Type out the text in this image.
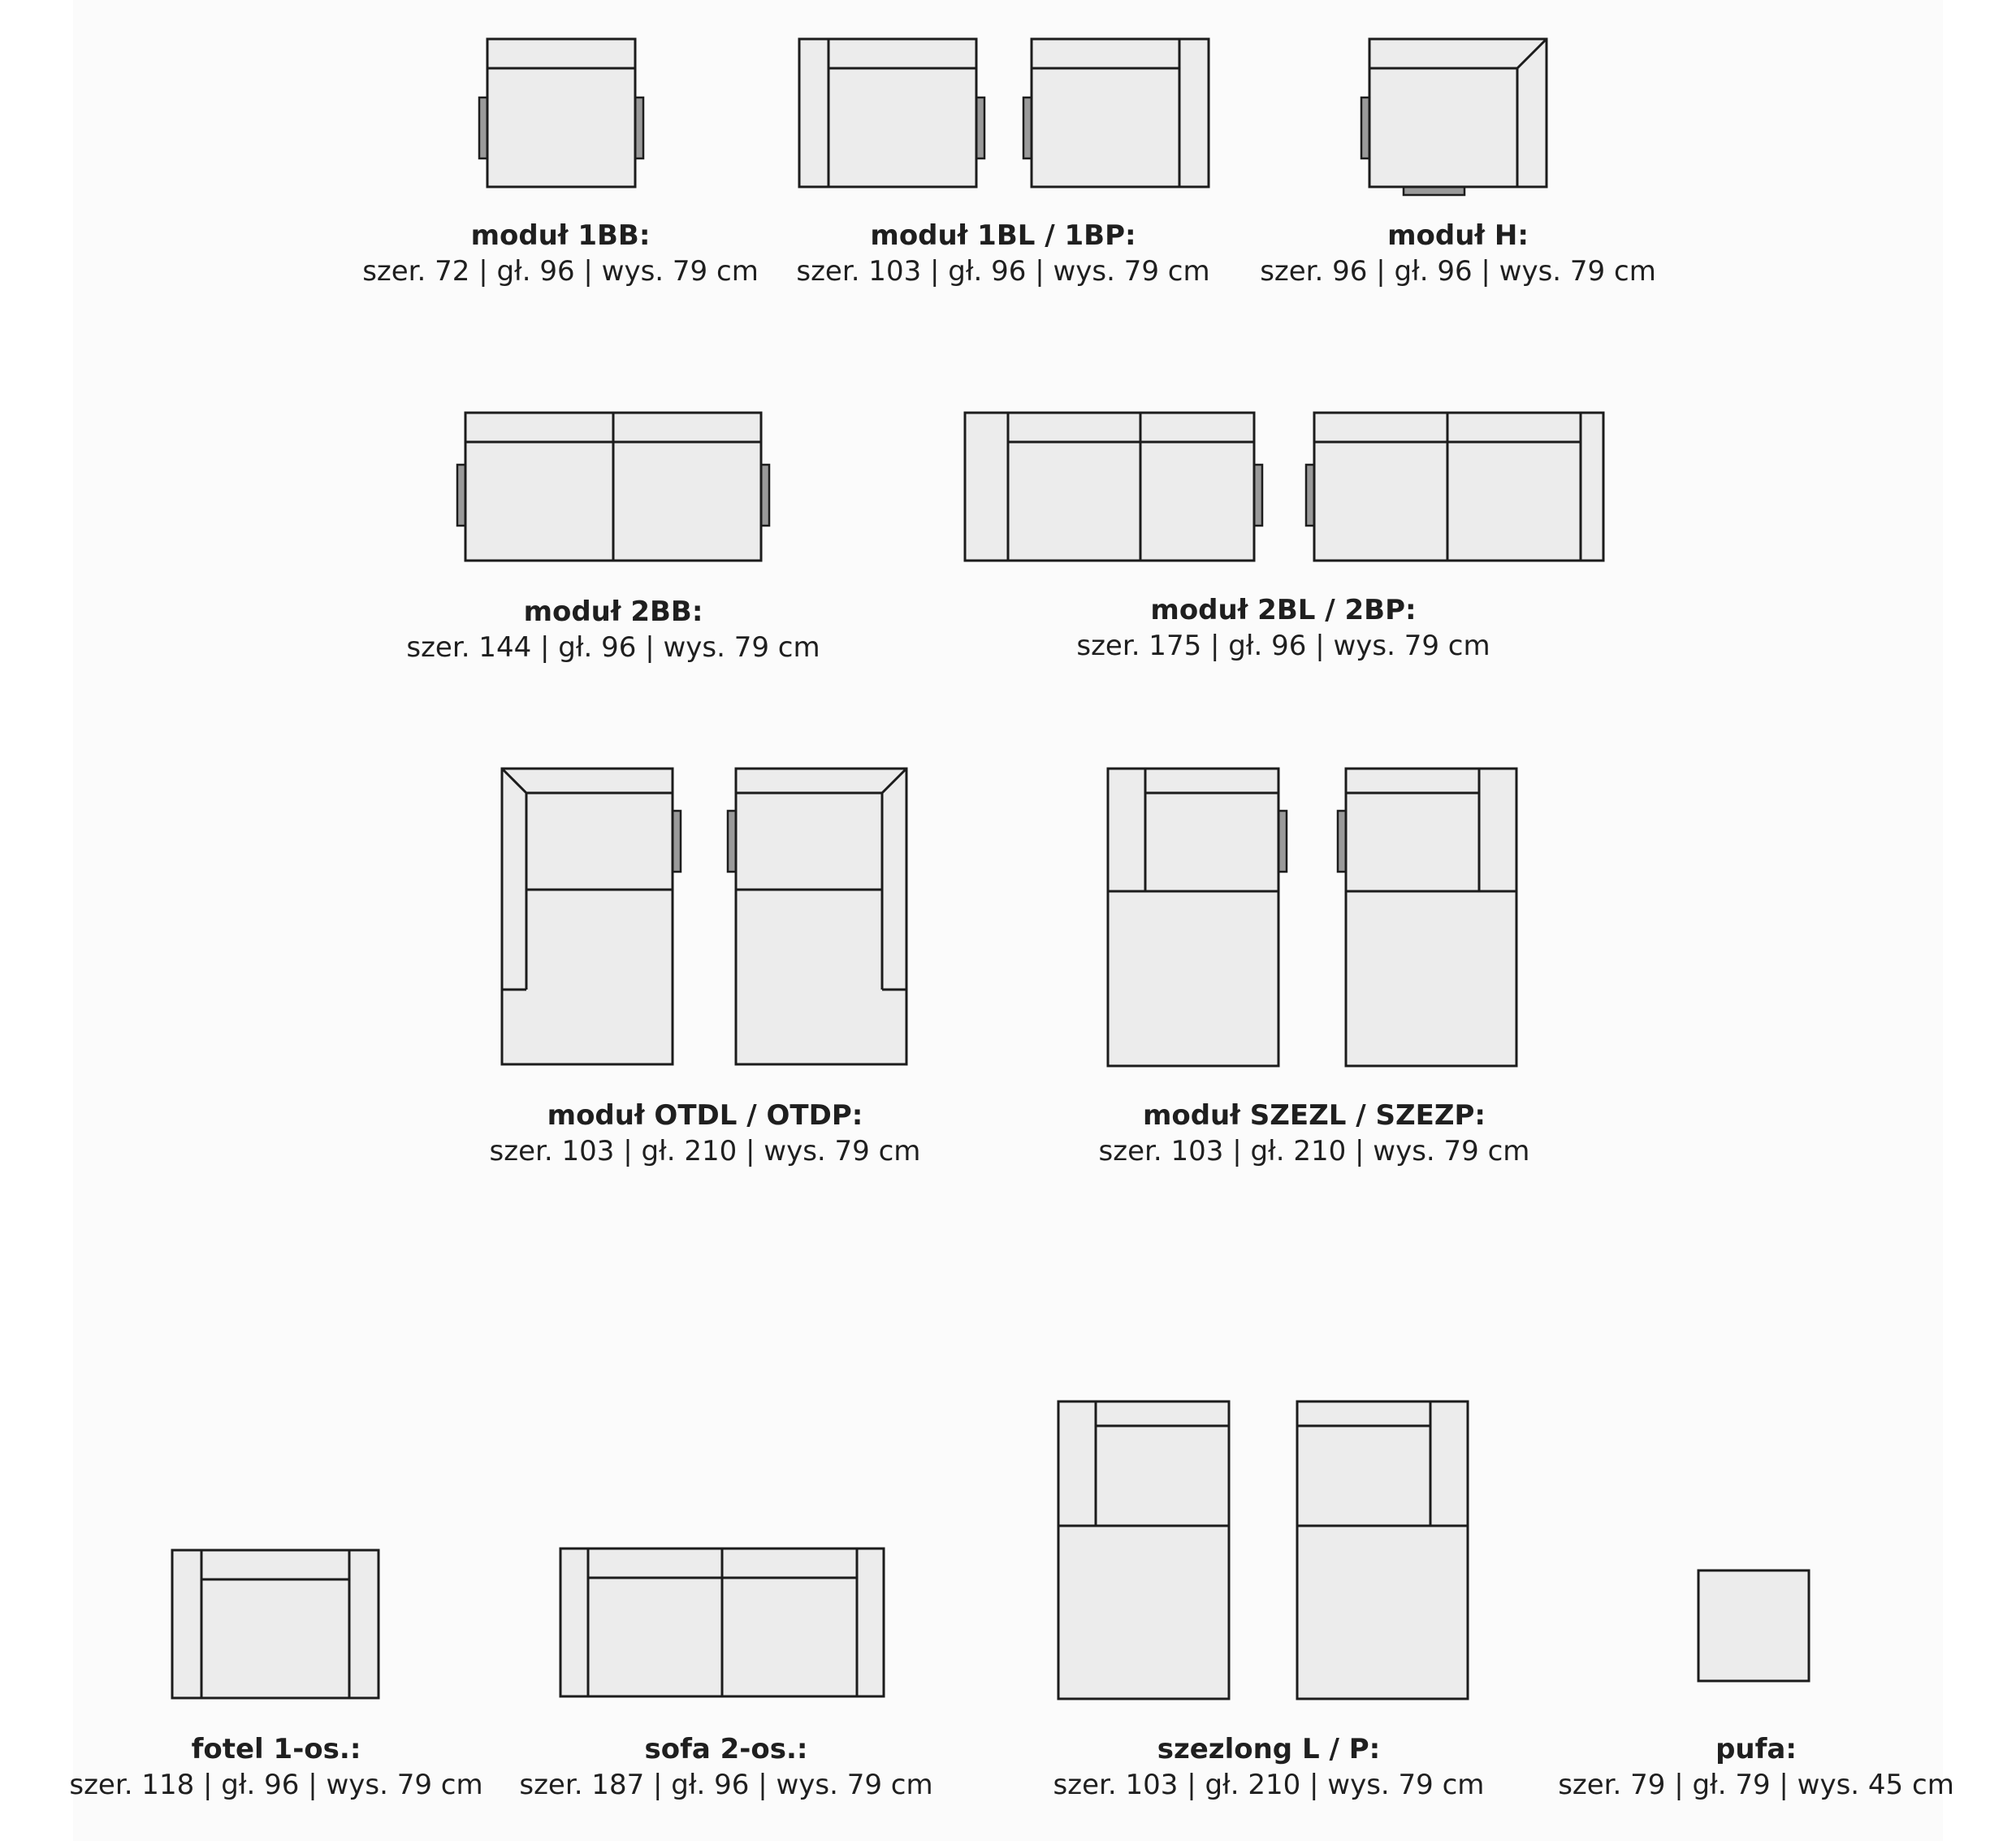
moduł 1BB:
szer. 72 | gł. 96 | wys. 79 cm
moduł 1BL / 1BP:
szer. 103 | gł. 96 | wys. 79 cm
moduł H:
szer. 96 | gł. 96 | wys. 79 cm
moduł 2BB:
szer. 144 | gł. 96 | wys. 79 cm
moduł 2BL / 2BP:
szer. 175 | gł. 96 | wys. 79 cm
moduł OTDL / OTDP:
szer. 103 | gł. 210 | wys. 79 cm
moduł SZEZL / SZEZP:
szer. 103 | gł. 210 | wys. 79 cm
fotel 1-os.:
szer. 118 | gł. 96 | wys. 79 cm
sofa 2-os.:
szer. 187 | gł. 96 | wys. 79 cm
szezlong L / P:
szer. 103 | gł. 210 | wys. 79 cm
pufa:
szer. 79 | gł. 79 | wys. 45 cm
